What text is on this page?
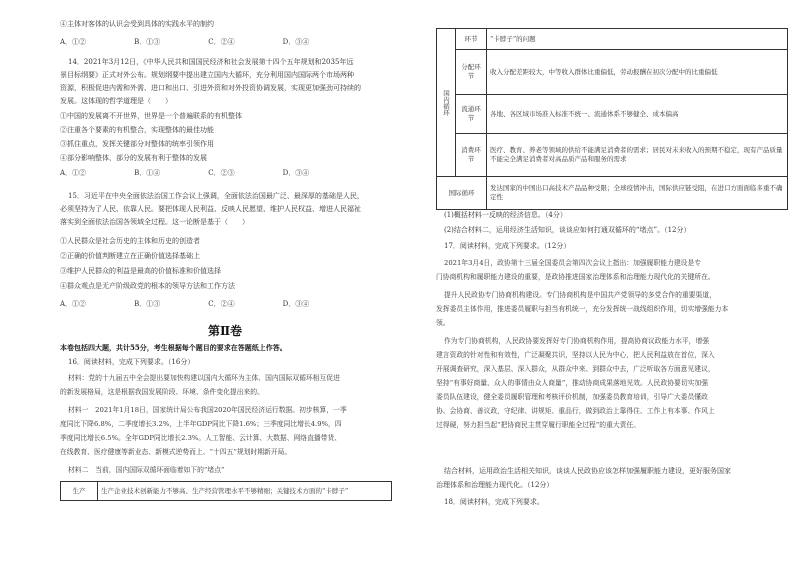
④主体对客体的认识会受到具体的实践水平的制约
A．①②	B．①③	C．②④	D．③④
14．2021年3月12日，《中华人民共和国国民经济和社会发展第十四个五年规划和2035年远
景目标纲要》正式对外公布。规划纲要中提出建立国内大循环，充分利用国内国际两个市场两种
资源，积极促进内需和外需、进口和出口、引进外资和对外投资协调发展，实现更加强劲可持续的
发展。这体现的哲学道理是（　　）
①中国的发展离不开世界，世界是一个普遍联系的有机整体
②注重各个要素的有机整合，实现整体的最佳功能
③抓住重点，发挥关键部分对整体的统率引领作用
④部分影响整体，部分的发展有利于整体的发展
A．①②	B．①④	C．②③	D．③④
15．习近平在中央全面依法治国工作会议上强调，全面依法治国最广泛、最深厚的基础是人民，
必须坚持为了人民、依靠人民。要把体现人民利益、反映人民愿望、维护人民权益、增进人民福祉
落实到全面依法治国各领域全过程。这一论断是基于（　　）
①人民群众是社会历史的主体和历史的创造者
②正确的价值判断建立在正确价值选择基础上
③维护人民群众的利益是最高的价值标准和价值选择
④群众观点是无产阶级政党的根本的领导方法和工作方法
A．①②	B．①③	C．②④	D．③④
第Ⅱ卷
本卷包括四大题，共计55分，考生根据每个题目的要求在答题纸上作答。
16．阅读材料，完成下列要求。（16分）
材料：党的十九届五中全会提出要加快构建以国内大循环为主体、国内国际双循环相互促进
的新发展格局，这是根据我国发展阶段、环境、条件变化提出来的。
材料一　2021年1月18日，国家统计局公布我国2020年国民经济运行数据。初步核算，一季
度同比下降6.8%，二季度增长3.2%，上半年GDP同比下降1.6%；三季度同比增长4.9%，四
季度同比增长6.5%。全年GDP同比增长2.3%。人工智能、云计算、大数据、网络直播带货、
在线教育、医疗健康等新业态、新模式逆势而上、“十四五”规划时期新开局。
材料二　当前，国内国际双循环面临着如下的“堵点”
生产	生产企业技术创新能力不够高、生产经营管理水平不够精细；关键技术方面的“卡脖子”
国内循环	环节	“卡脖子”的问题
	分配环节	收入分配差距较大，中等收入群体比重偏低，劳动报酬在初次分配中的比重偏低
	流通环节	各地、各区域市场准入标准不统一、流通体系不够健全、成本偏高
	消费环节	医疗、教育、养老等领域的供给不能满足消费者的需求；居民对未来收入的预期不稳定，现有产品质量不能完全满足消费者对高品质产品和服务的需求
国际循环		发达国家的中国出口高技术产品品种受限；全球疫情冲击，国际供应链受阻，在进口方面面临多重不确定性
(1)概括材料一反映的经济信息。（4分）
(2)结合材料二，运用经济生活知识，谈谈应如何打通双循环的“堵点”。（12分）
17．阅读材料，完成下列要求。（12分）
2021年3月4日，政协第十三届全国委员会第四次会议上指出：加强履职能力建设是专
门协商机构和履职能力建设的重要，是政协推进国家治理体系和治理能力现代化的关键所在。
提升人民政协专门协商机构建设。专门协商机构是中国共产党领导的多党合作的重要渠道，
发挥委员主体作用，推进委员履职与担当有机统一，充分发挥统一战线组织作用，切实增强能力本
领。
作为专门协商机构，人民政协要发挥好专门协商机构作用，提高协商议政能力水平，增强
建言资政的针对性和有效性，广泛凝聚共识，坚持以人民为中心，把人民利益放在首位，深入
开展调查研究，深入基层、深入群众，从群众中来、到群众中去，广泛听取各方面意见建议，
坚持“有事好商量、众人的事情由众人商量”，推动协商成果落地见效。人民政协要切实加强
委员队伍建设，健全委员履职管理和考核评价机制，加强委员教育培训，引导广大委员懂政
协、会协商、善议政，守纪律、讲规矩、重品行，做到政治上靠得住、工作上有本事、作风上
过得硬，努力担当起“把协商民主贯穿履行职能全过程”的重大责任。
结合材料，运用政治生活相关知识，谈谈人民政协应该怎样加强履职能力建设，更好服务国家
治理体系和治理能力现代化。（12分）
18．阅读材料，完成下列要求。
